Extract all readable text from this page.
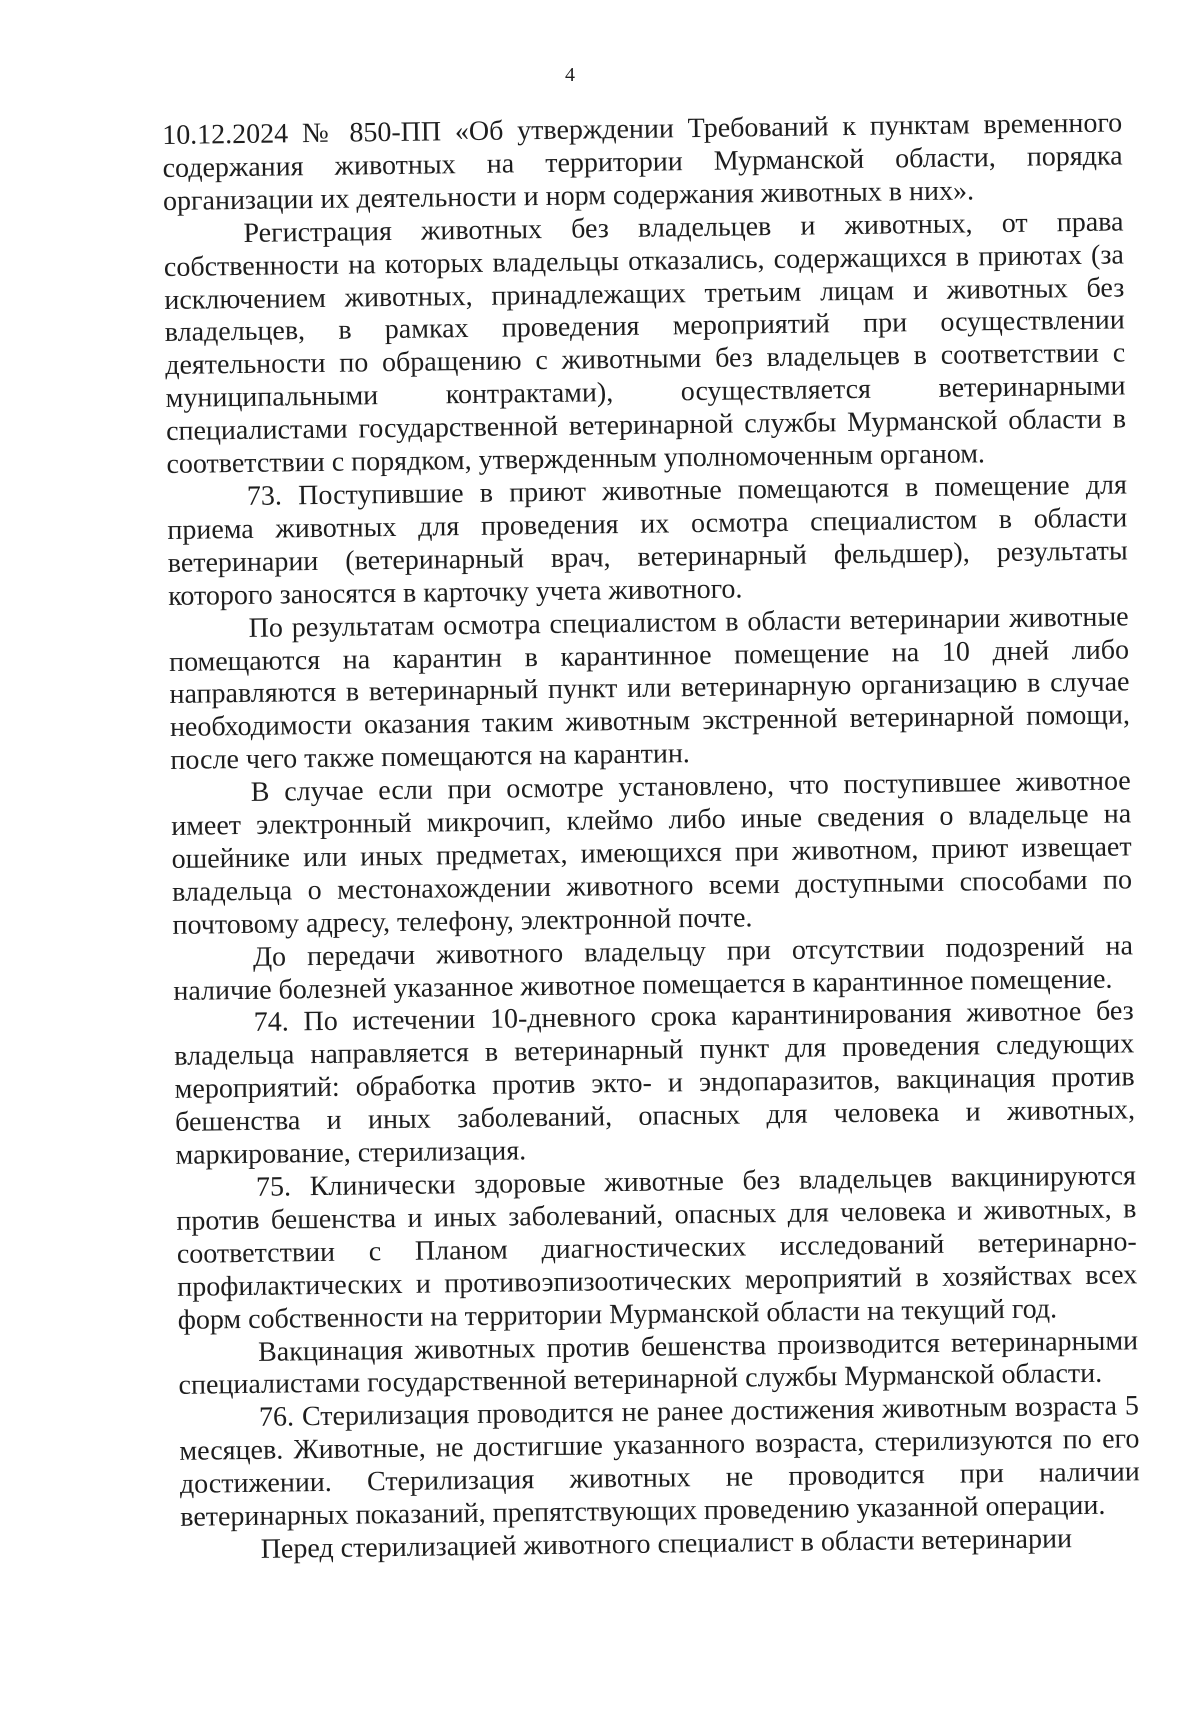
4

10.12.2024 № 850-ПП «Об утверждении Требований к пунктам временного содержания животных на территории Мурманской области, порядка организации их деятельности и норм содержания животных в них».

Регистрация животных без владельцев и животных, от права собственности на которых владельцы отказались, содержащихся в приютах (за исключением животных, принадлежащих третьим лицам и животных без владельцев, в рамках проведения мероприятий при осуществлении деятельности по обращению с животными без владельцев в соответствии с муниципальными контрактами), осуществляется ветеринарными специалистами государственной ветеринарной службы Мурманской области в соответствии с порядком, утвержденным уполномоченным органом.

73. Поступившие в приют животные помещаются в помещение для приема животных для проведения их осмотра специалистом в области ветеринарии (ветеринарный врач, ветеринарный фельдшер), результаты которого заносятся в карточку учета животного.

По результатам осмотра специалистом в области ветеринарии животные помещаются на карантин в карантинное помещение на 10 дней либо направляются в ветеринарный пункт или ветеринарную организацию в случае необходимости оказания таким животным экстренной ветеринарной помощи, после чего также помещаются на карантин.

В случае если при осмотре установлено, что поступившее животное имеет электронный микрочип, клеймо либо иные сведения о владельце на ошейнике или иных предметах, имеющихся при животном, приют извещает владельца о местонахождении животного всеми доступными способами по почтовому адресу, телефону, электронной почте.

До передачи животного владельцу при отсутствии подозрений на наличие болезней указанное животное помещается в карантинное помещение.

74. По истечении 10-дневного срока карантинирования животное без владельца направляется в ветеринарный пункт для проведения следующих мероприятий: обработка против экто- и эндопаразитов, вакцинация против бешенства и иных заболеваний, опасных для человека и животных, маркирование, стерилизация.

75. Клинически здоровые животные без владельцев вакцинируются против бешенства и иных заболеваний, опасных для человека и животных, в соответствии с Планом диагностических исследований ветеринарно-профилактических и противоэпизоотических мероприятий в хозяйствах всех форм собственности на территории Мурманской области на текущий год.

Вакцинация животных против бешенства производится ветеринарными специалистами государственной ветеринарной службы Мурманской области.

76. Стерилизация проводится не ранее достижения животным возраста 5 месяцев. Животные, не достигшие указанного возраста, стерилизуются по его достижении. Стерилизация животных не проводится при наличии ветеринарных показаний, препятствующих проведению указанной операции.

Перед стерилизацией животного специалист в области ветеринарии
